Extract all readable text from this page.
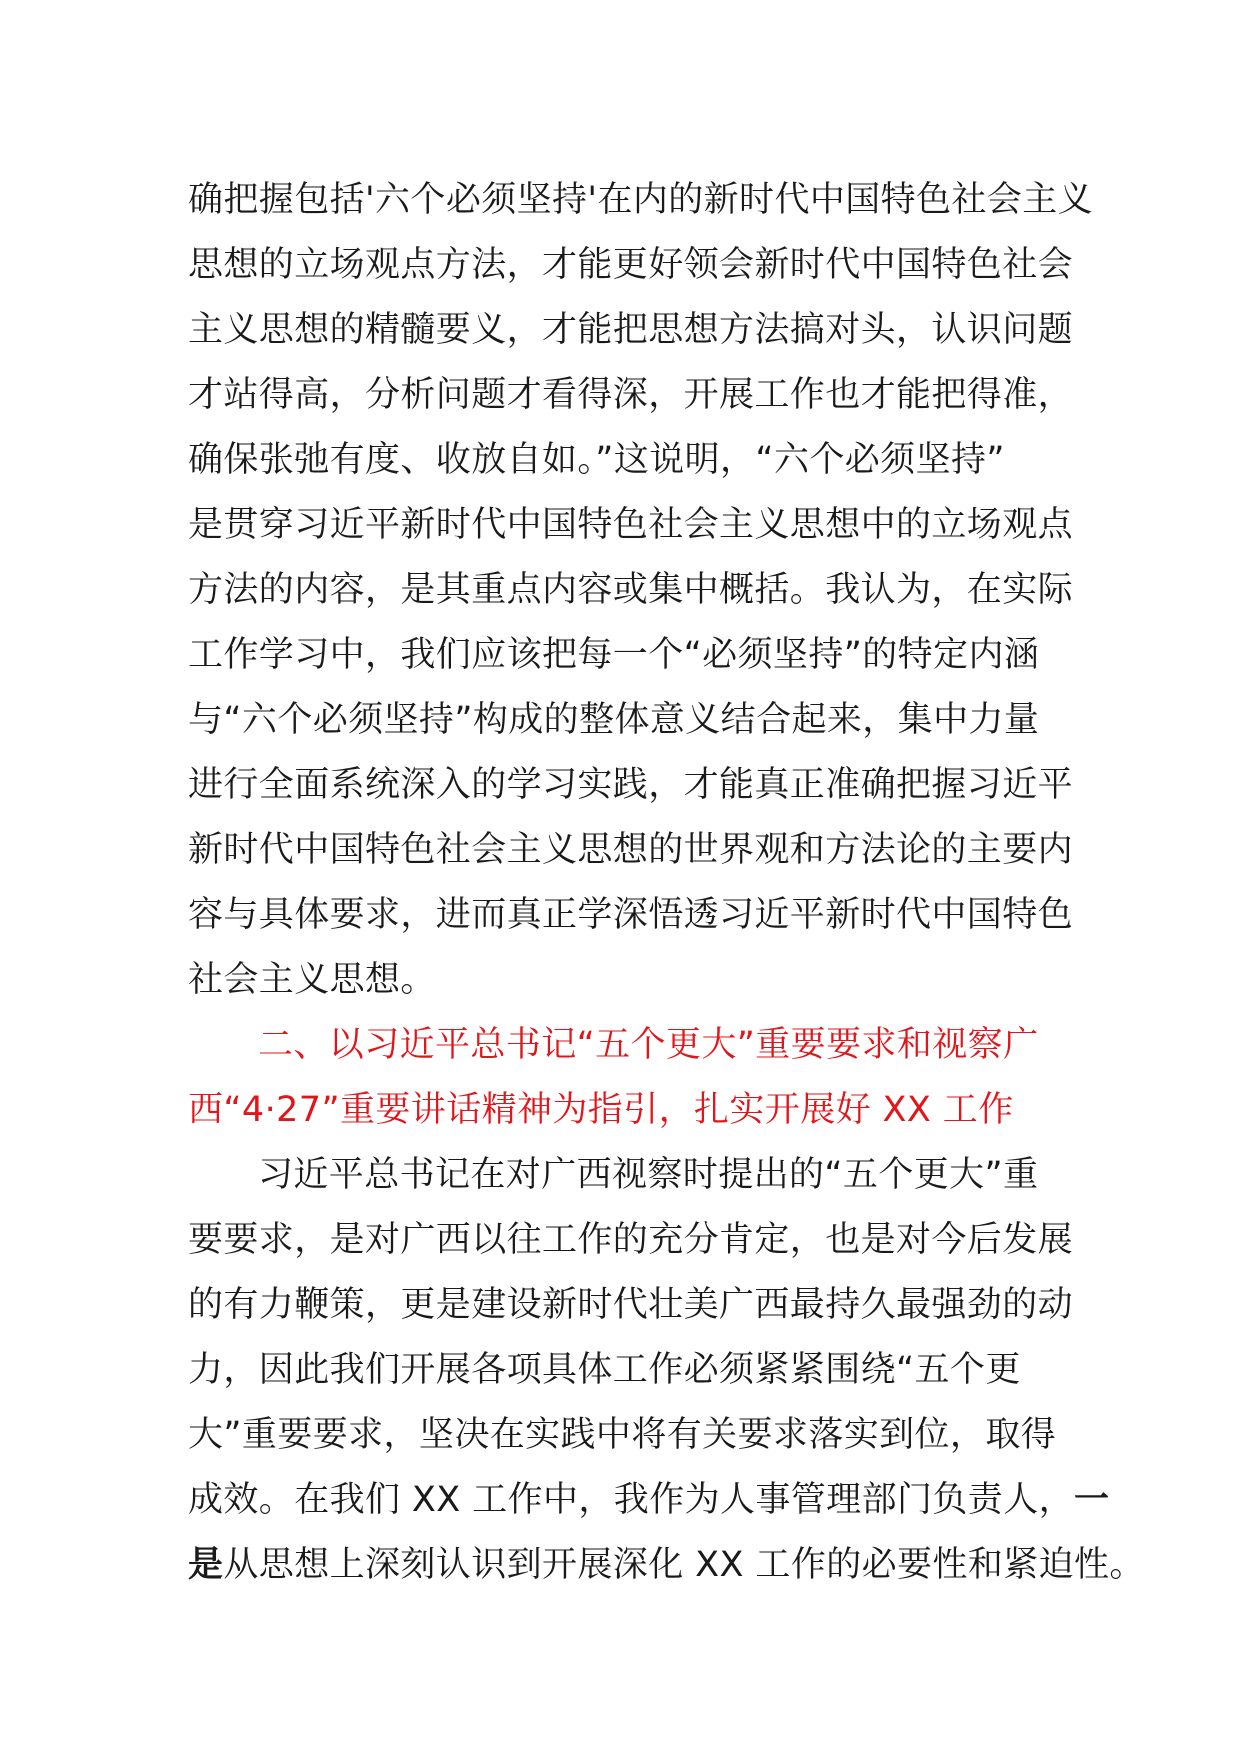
确把握包括'六个必须坚持'在内的新时代中国特色社会主义
思想的立场观点方法，才能更好领会新时代中国特色社会
主义思想的精髓要义，才能把思想方法搞对头，认识问题
才站得高，分析问题才看得深，开展工作也才能把得准，
确保张弛有度、收放自如。”这说明，“六个必须坚持”
是贯穿习近平新时代中国特色社会主义思想中的立场观点
方法的内容，是其重点内容或集中概括。我认为，在实际
工作学习中，我们应该把每一个“必须坚持”的特定内涵
与“六个必须坚持”构成的整体意义结合起来，集中力量
进行全面系统深入的学习实践，才能真正准确把握习近平
新时代中国特色社会主义思想的世界观和方法论的主要内
容与具体要求，进而真正学深悟透习近平新时代中国特色
社会主义思想。
二、以习近平总书记“五个更大”重要要求和视察广
西“4·27”重要讲话精神为指引，扎实开展好 XX 工作
习近平总书记在对广西视察时提出的“五个更大”重
要要求，是对广西以往工作的充分肯定，也是对今后发展
的有力鞭策，更是建设新时代壮美广西最持久最强劲的动
力，因此我们开展各项具体工作必须紧紧围绕“五个更
大”重要要求，坚决在实践中将有关要求落实到位，取得
成效。在我们 XX 工作中，我作为人事管理部门负责人，一
是从思想上深刻认识到开展深化 XX 工作的必要性和紧迫性。
